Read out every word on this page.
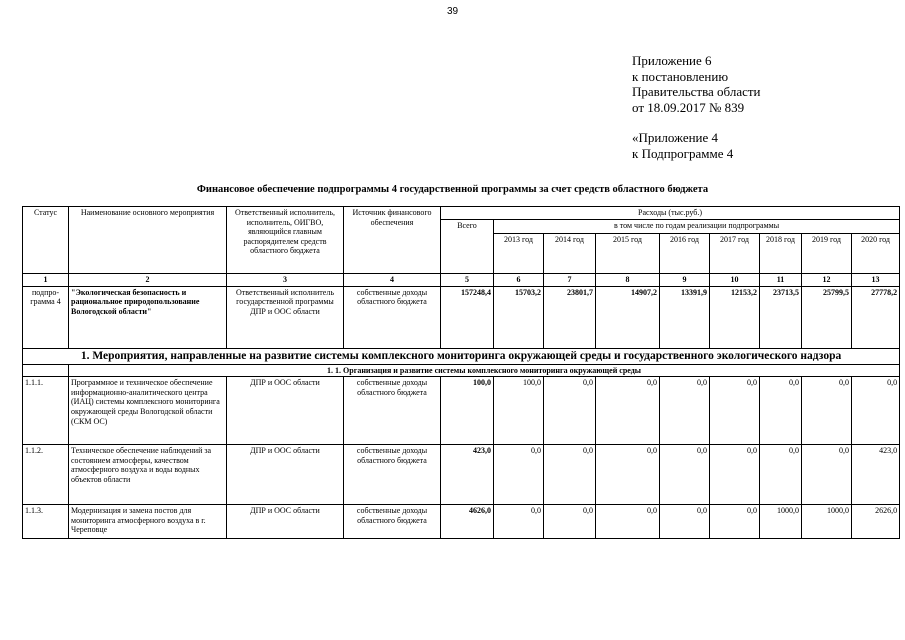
39
Приложение 6
к постановлению
Правительства области
от 18.09.2017 № 839
«Приложение 4
к Подпрограмме 4
Финансовое обеспечение подпрограммы 4 государственной программы за счет средств областного бюджета
Статус	Наименование основного мероприятия	Ответственный исполнитель, исполнитель, ОИГВО, являющийся главным распорядителем средств областного бюджета	Источник финансового обеспечения	Расходы (тыс.руб.)								
				Всего	в том числе по годам реализации подпрограммы							
					2013 год	2014 год	2015 год	2016 год	2017 год	2018 год	2019 год	2020 год
1	2	3	4	5	6	7	8	9	10	11	12	13
подпро-грамма 4	"Экологическая безопасность и рациональное природопользование Вологодской области"	Ответственный исполнитель государственной программы ДПР и ООС области	собственные доходы областного бюджета	157248,4	15703,2	23801,7	14907,2	13391,9	12153,2	23713,5	25799,5	27778,2
1. Мероприятия, направленные на развитие системы комплексного мониторинга окружающей среды и государственного экологического надзора												
	1. 1. Организация и развитие системы комплексного мониторинга окружающей среды											
1.1.1.	Программное и техническое обеспечение информационно-аналитического центра (ИАЦ) системы комплексного мониторинга окружающей среды Вологодской области (СКМ ОС)	ДПР и ООС области	собственные доходы областного бюджета	100,0	100,0	0,0	0,0	0,0	0,0	0,0	0,0	0,0
1.1.2.	Техническое обеспечение наблюдений за состоянием атмосферы, качеством атмосферного воздуха и воды водных объектов области	ДПР и ООС области	собственные доходы областного бюджета	423,0	0,0	0,0	0,0	0,0	0,0	0,0	0,0	423,0
1.1.3.	Модернизация и замена постов для мониторинга атмосферного воздуха в г. Череповце	ДПР и ООС области	собственные доходы областного бюджета	4626,0	0,0	0,0	0,0	0,0	0,0	1000,0	1000,0	2626,0
